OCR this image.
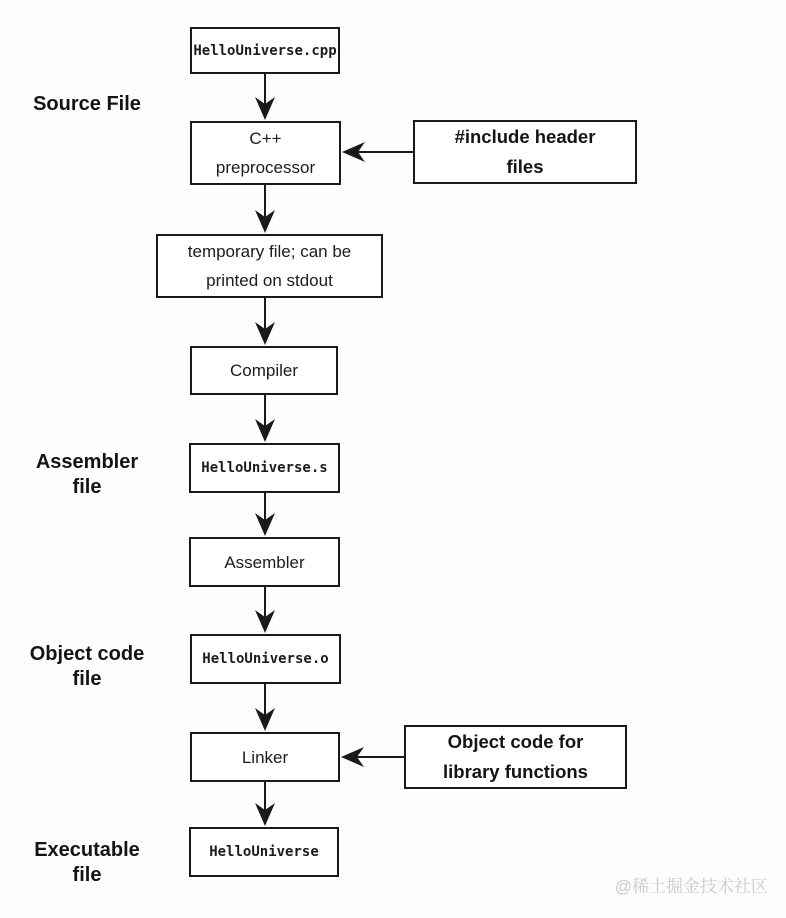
HelloUniverse.cpp
C++
preprocessor
temporary file; can be
printed on stdout
Compiler
HelloUniverse.s
Assembler
HelloUniverse.o
Linker
HelloUniverse
#include header
files
Object code for
library functions
Source File
Assembler
file
Object code
file
Executable
file
@稀土掘金技术社区
